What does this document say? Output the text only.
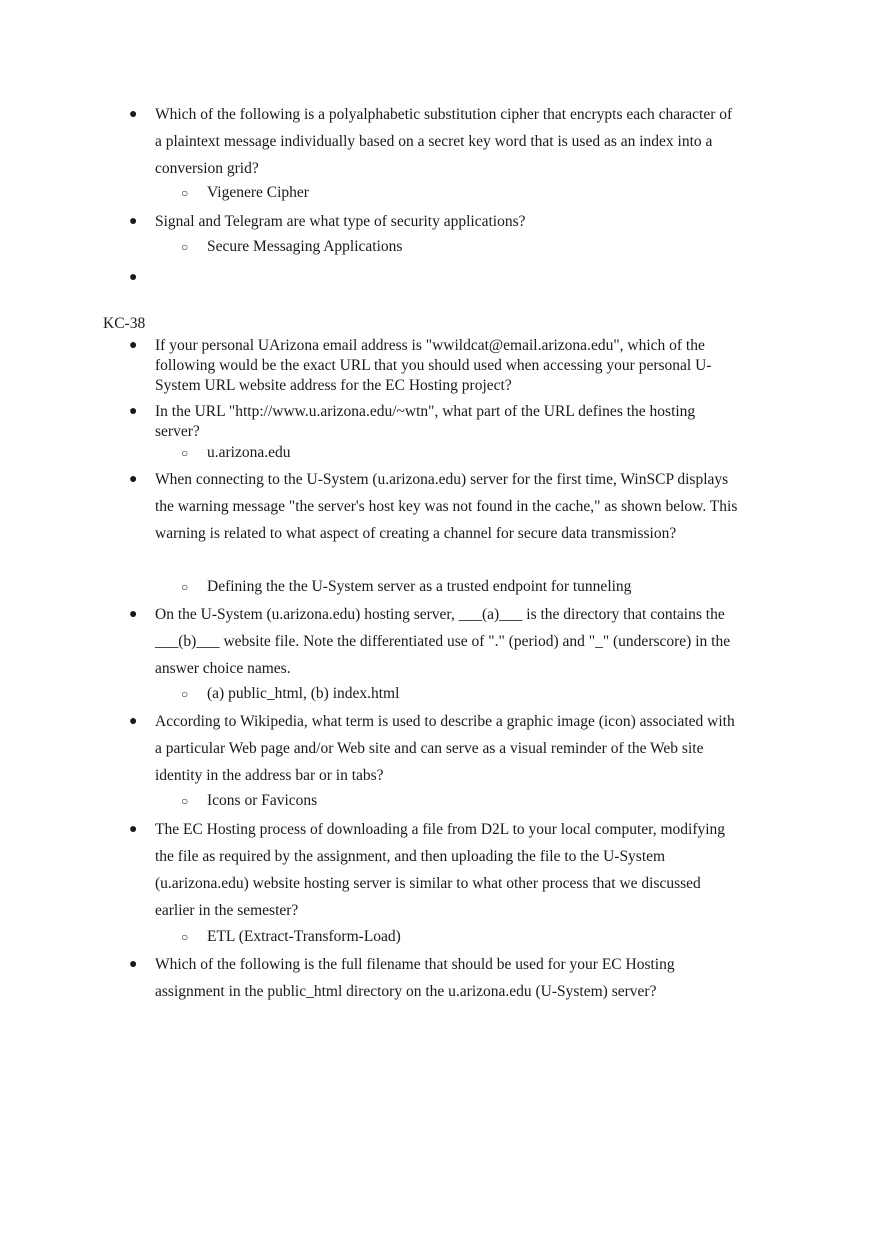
● Which of the following is a polyalphabetic substitution cipher that encrypts each character of a plaintext message individually based on a secret key word that is used as an index into a conversion grid?
○ Vigenere Cipher
● Signal and Telegram are what type of security applications?
○ Secure Messaging Applications
●
KC-38
● If your personal UArizona email address is "wwildcat@email.arizona.edu", which of the following would be the exact URL that you should used when accessing your personal U-System URL website address for the EC Hosting project?
● In the URL "http://www.u.arizona.edu/~wtn", what part of the URL defines the hosting server?
○ u.arizona.edu
● When connecting to the U-System (u.arizona.edu) server for the first time, WinSCP displays the warning message "the server's host key was not found in the cache," as shown below. This warning is related to what aspect of creating a channel for secure data transmission?
○ Defining the the U-System server as a trusted endpoint for tunneling
● On the U-System (u.arizona.edu) hosting server, ___(a)___ is the directory that contains the ___(b)___ website file. Note the differentiated use of "." (period) and "_" (underscore) in the answer choice names.
○ (a) public_html, (b) index.html
● According to Wikipedia, what term is used to describe a graphic image (icon) associated with a particular Web page and/or Web site and can serve as a visual reminder of the Web site identity in the address bar or in tabs?
○ Icons or Favicons
● The EC Hosting process of downloading a file from D2L to your local computer, modifying the file as required by the assignment, and then uploading the file to the U-System (u.arizona.edu) website hosting server is similar to what other process that we discussed earlier in the semester?
○ ETL (Extract-Transform-Load)
● Which of the following is the full filename that should be used for your EC Hosting assignment in the public_html directory on the u.arizona.edu (U-System) server?
